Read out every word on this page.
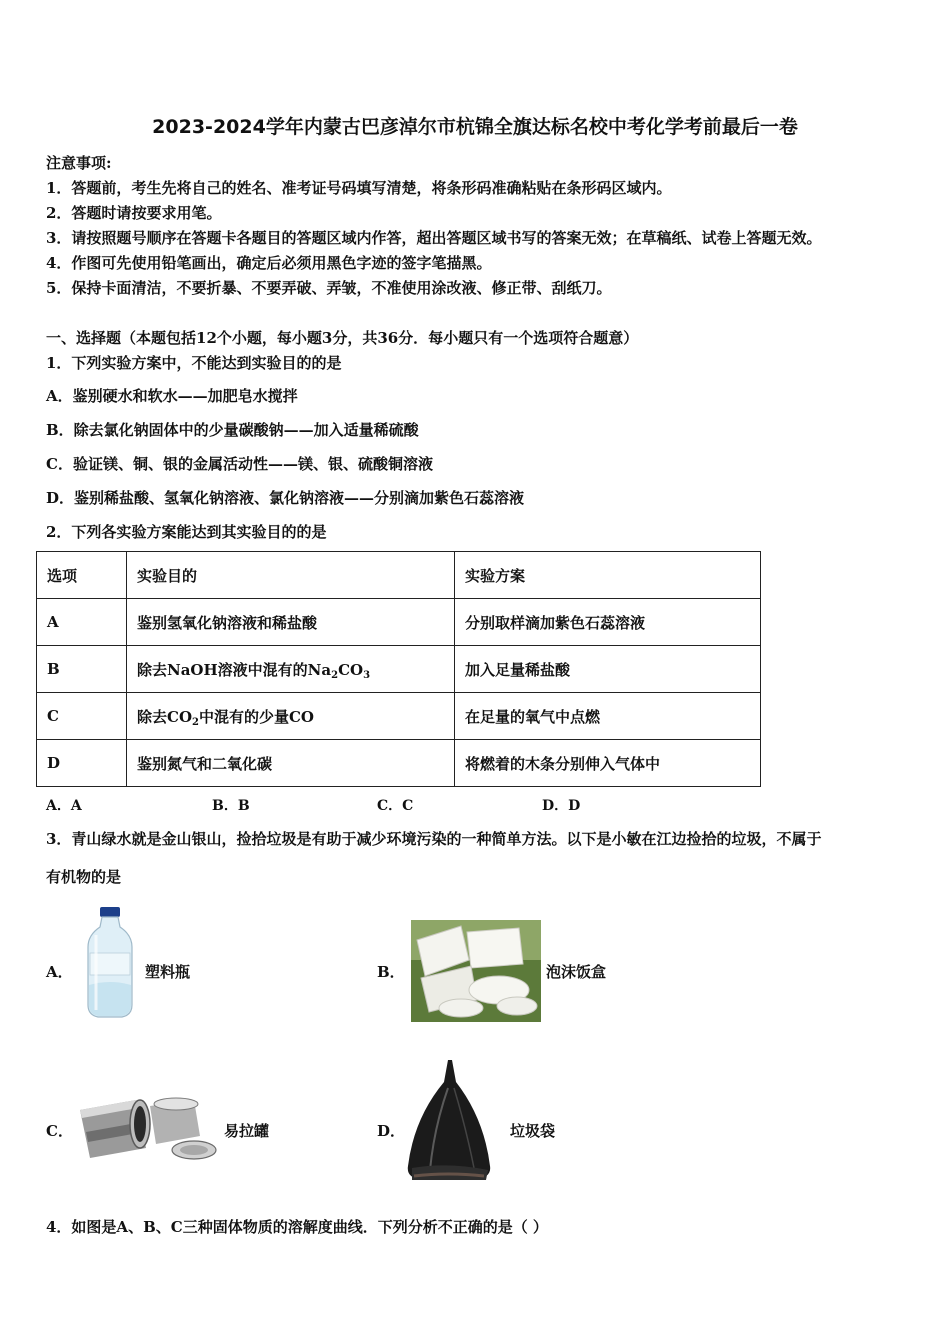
2023-2024学年内蒙古巴彦淖尔市杭锦全旗达标名校中考化学考前最后一卷
注意事项:
1．答题前，考生先将自己的姓名、准考证号码填写清楚，将条形码准确粘贴在条形码区域内。
2．答题时请按要求用笔。
3．请按照题号顺序在答题卡各题目的答题区域内作答，超出答题区域书写的答案无效；在草稿纸、试卷上答题无效。
4．作图可先使用铅笔画出，确定后必须用黑色字迹的签字笔描黑。
5．保持卡面清洁，不要折暴、不要弄破、弄皱，不准使用涂改液、修正带、刮纸刀。
一、选择题（本题包括12个小题，每小题3分，共36分．每小题只有一个选项符合题意）
1．下列实验方案中，不能达到实验目的的是
A．鉴别硬水和软水——加肥皂水搅拌
B．除去氯化钠固体中的少量碳酸钠——加入适量稀硫酸
C．验证镁、铜、银的金属活动性——镁、银、硫酸铜溶液
D．鉴别稀盐酸、氢氧化钠溶液、氯化钠溶液——分别滴加紫色石蕊溶液
2．下列各实验方案能达到其实验目的的是
选项	实验目的	实验方案
A	鉴别氢氧化钠溶液和稀盐酸	分别取样滴加紫色石蕊溶液
B	除去NaOH溶液中混有的$Na_2CO_3$	加入足量稀盐酸
C	除去$CO_2$中混有的少量CO	在足量的氧气中点燃
D	鉴别氮气和二氧化碳	将燃着的木条分别伸入气体中
A．A	B．B	C．C	D．D
3．青山绿水就是金山银山，捡拾垃圾是有助于减少环境污染的一种简单方法。以下是小敏在江边捡拾的垃圾，不属于
有机物的是
A．	塑料瓶	B．	泡沫饭盒
C．	易拉罐	D．	垃圾袋
4．如图是A、B、C三种固体物质的溶解度曲线．下列分析不正确的是（ ）
